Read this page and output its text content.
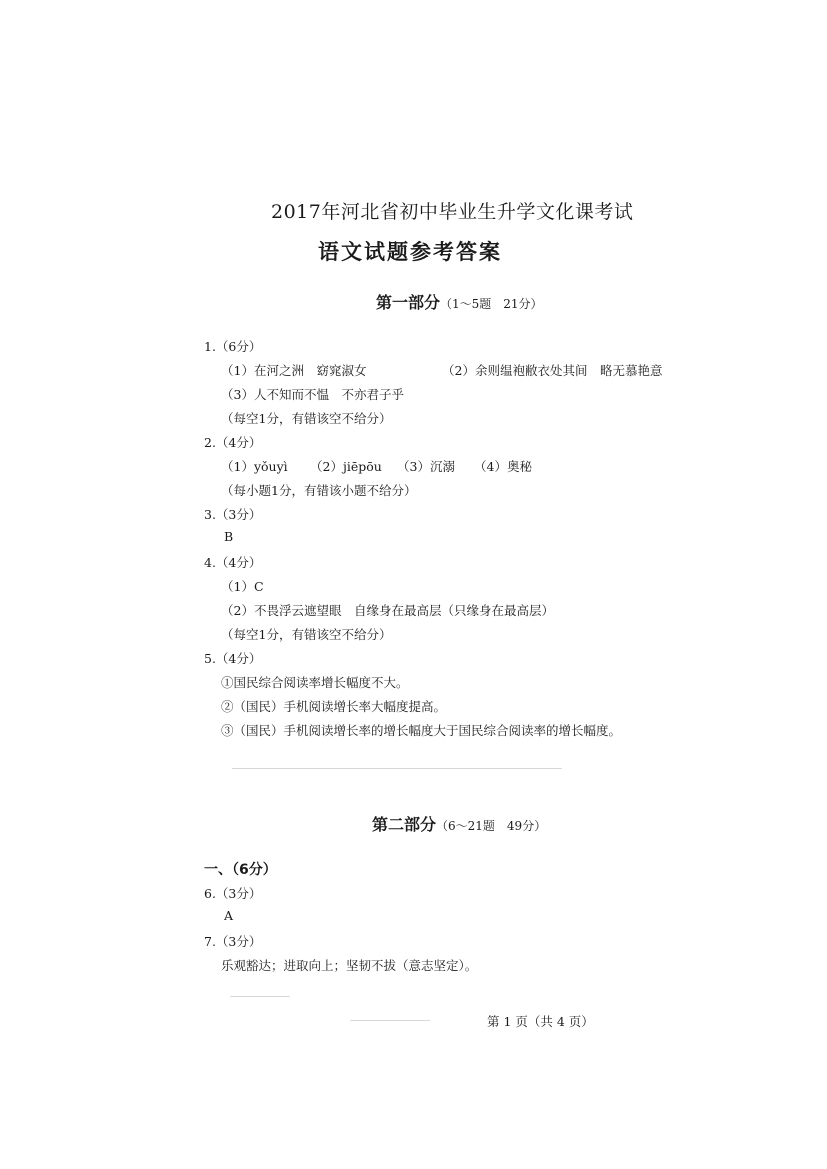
2017年河北省初中毕业生升学文化课考试
语文试题参考答案
第一部分（1～5题　21分）
1.（6分）
（1）在河之洲　窈窕淑女	（2）余则缊袍敝衣处其间　略无慕艳意
（3）人不知而不愠　不亦君子乎
（每空1分，有错该空不给分）
2.（4分）
（1）yǒuyì （2）jiēpōu （3）沉溺 （4）奥秘
（每小题1分，有错该小题不给分）
3.（3分）
B
4.（4分）
（1）C
（2）不畏浮云遮望眼　自缘身在最高层（只缘身在最高层）
（每空1分，有错该空不给分）
5.（4分）
①国民综合阅读率增长幅度不大。
②（国民）手机阅读增长率大幅度提高。
③（国民）手机阅读增长率的增长幅度大于国民综合阅读率的增长幅度。
第二部分（6～21题　49分）
一、（6分）
6.（3分）
A
7.（3分）
乐观豁达；进取向上；坚韧不拔（意志坚定）。
第 1 页（共 4 页）
